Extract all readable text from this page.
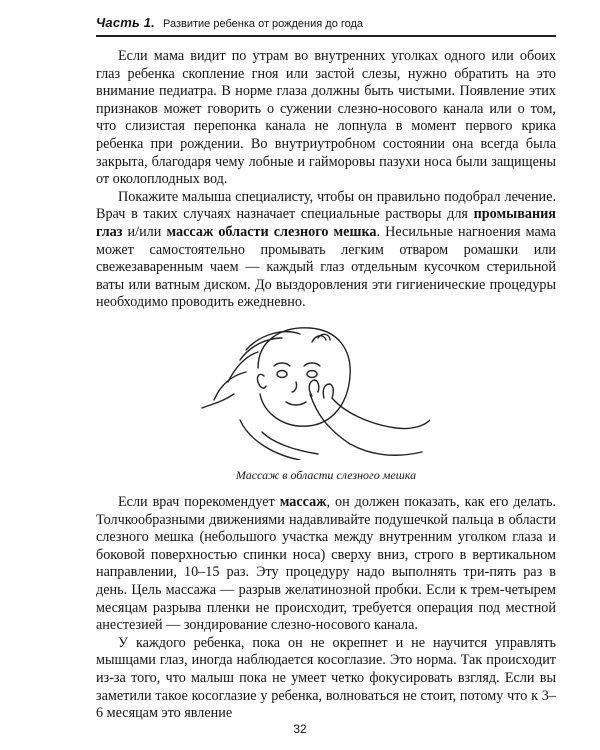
Часть 1. Развитие ребенка от рождения до года

Если мама видит по утрам во внутренних уголках одного или обоих глаз ребенка скопление гноя или застой слезы, нужно обратить на это внимание педиатра. В норме глаза должны быть чистыми. Появление этих признаков может говорить о сужении слезно-носового канала или о том, что слизистая перепонка канала не лопнула в момент первого крика ребенка при рождении. Во внутриутробном состоянии она всегда была закрыта, благодаря чему лобные и гайморовы пазухи носа были защищены от околоплодных вод.

Покажите малыша специалисту, чтобы он правильно подобрал лечение. Врач в таких случаях назначает специальные растворы для промывания глаз и/или массаж области слезного мешка. Несильные нагноения мама может самостоятельно промывать легким отваром ромашки или свежезаваренным чаем — каждый глаз отдельным кусочком стерильной ваты или ватным диском. До выздоровления эти гигиенические процедуры необходимо проводить ежедневно.

Массаж в области слезного мешка

Если врач порекомендует массаж, он должен показать, как его делать. Толчкообразными движениями надавливайте подушечкой пальца в области слезного мешка (небольшого участка между внутренним уголком глаза и боковой поверхностью спинки носа) сверху вниз, строго в вертикальном направлении, 10–15 раз. Эту процедуру надо выполнять три-пять раз в день. Цель массажа — разрыв желатинозной пробки. Если к трем-четырем месяцам разрыва пленки не происходит, требуется операция под местной анестезией — зондирование слезно-носового канала.

У каждого ребенка, пока он не окрепнет и не научится управлять мышцами глаз, иногда наблюдается косоглазие. Это норма. Так происходит из-за того, что малыш пока не умеет четко фокусировать взгляд. Если вы заметили такое косоглазие у ребенка, волноваться не стоит, потому что к 3–6 месяцам это явление

32
